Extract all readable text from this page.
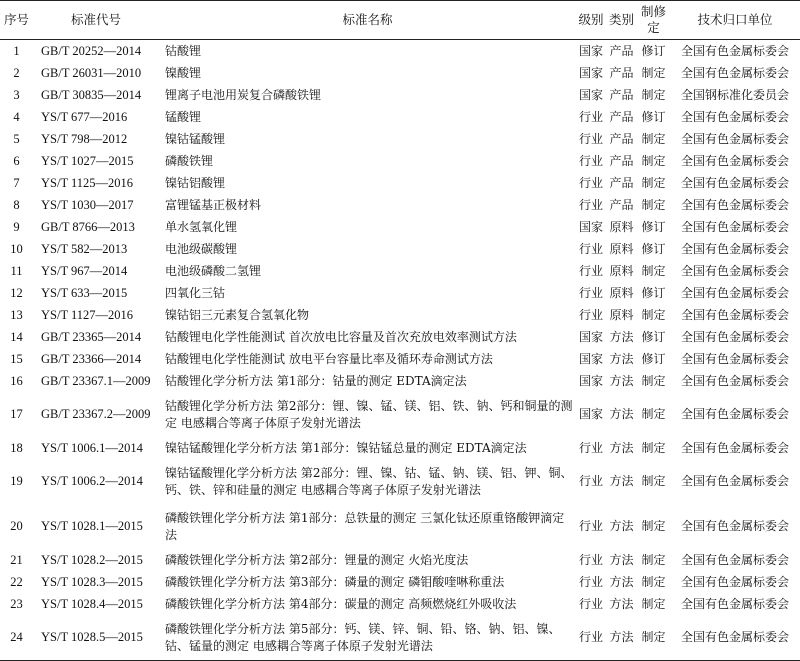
序号	标准代号	标准名称	级别	类别	制修定	技术归口单位
1	GB/T 20252—2014	钴酸锂	国家	产品	修订	全国有色金属标委会
2	GB/T 26031—2010	镍酸锂	国家	产品	制定	全国有色金属标委会
3	GB/T 30835—2014	锂离子电池用炭复合磷酸铁锂	国家	产品	制定	全国钢标准化委员会
4	YS/T 677—2016	锰酸锂	行业	产品	修订	全国有色金属标委会
5	YS/T 798—2012	镍钴锰酸锂	行业	产品	制定	全国有色金属标委会
6	YS/T 1027—2015	磷酸铁锂	行业	产品	制定	全国有色金属标委会
7	YS/T 1125—2016	镍钴铝酸锂	行业	产品	制定	全国有色金属标委会
8	YS/T 1030—2017	富锂锰基正极材料	行业	产品	制定	全国有色金属标委会
9	GB/T 8766—2013	单水氢氧化锂	国家	原料	修订	全国有色金属标委会
10	YS/T 582—2013	电池级碳酸锂	行业	原料	修订	全国有色金属标委会
11	YS/T 967—2014	电池级磷酸二氢锂	行业	原料	制定	全国有色金属标委会
12	YS/T 633—2015	四氧化三钴	行业	原料	修订	全国有色金属标委会
13	YS/T 1127—2016	镍钴铝三元素复合氢氧化物	行业	原料	制定	全国有色金属标委会
14	GB/T 23365—2014	钴酸锂电化学性能测试 首次放电比容量及首次充放电效率测试方法	国家	方法	修订	全国有色金属标委会
15	GB/T 23366—2014	钴酸锂电化学性能测试 放电平台容量比率及循环寿命测试方法	国家	方法	修订	全国有色金属标委会
16	GB/T 23367.1—2009	钴酸锂化学分析方法 第1部分：钴量的测定 EDTA滴定法	国家	方法	制定	全国有色金属标委会
17	GB/T 23367.2—2009	钴酸锂化学分析方法 第2部分：锂、镍、锰、镁、铝、铁、钠、钙和铜量的测定 电感耦合等离子体原子发射光谱法	国家	方法	制定	全国有色金属标委会
18	YS/T 1006.1—2014	镍钴锰酸锂化学分析方法 第1部分：镍钴锰总量的测定 EDTA滴定法	行业	方法	制定	全国有色金属标委会
19	YS/T 1006.2—2014	镍钴锰酸锂化学分析方法 第2部分：锂、镍、钴、锰、钠、镁、铝、钾、铜、钙、铁、锌和硅量的测定 电感耦合等离子体原子发射光谱法	行业	方法	制定	全国有色金属标委会
20	YS/T 1028.1—2015	磷酸铁锂化学分析方法 第1部分：总铁量的测定 三氯化钛还原重铬酸钾滴定法	行业	方法	制定	全国有色金属标委会
21	YS/T 1028.2—2015	磷酸铁锂化学分析方法 第2部分：锂量的测定 火焰光度法	行业	方法	制定	全国有色金属标委会
22	YS/T 1028.3—2015	磷酸铁锂化学分析方法 第3部分：磷量的测定 磷钼酸喹啉称重法	行业	方法	制定	全国有色金属标委会
23	YS/T 1028.4—2015	磷酸铁锂化学分析方法 第4部分：碳量的测定 高频燃烧红外吸收法	行业	方法	制定	全国有色金属标委会
24	YS/T 1028.5—2015	磷酸铁锂化学分析方法 第5部分：钙、镁、锌、铜、铅、铬、钠、铝、镍、钴、锰量的测定 电感耦合等离子体原子发射光谱法	行业	方法	制定	全国有色金属标委会
